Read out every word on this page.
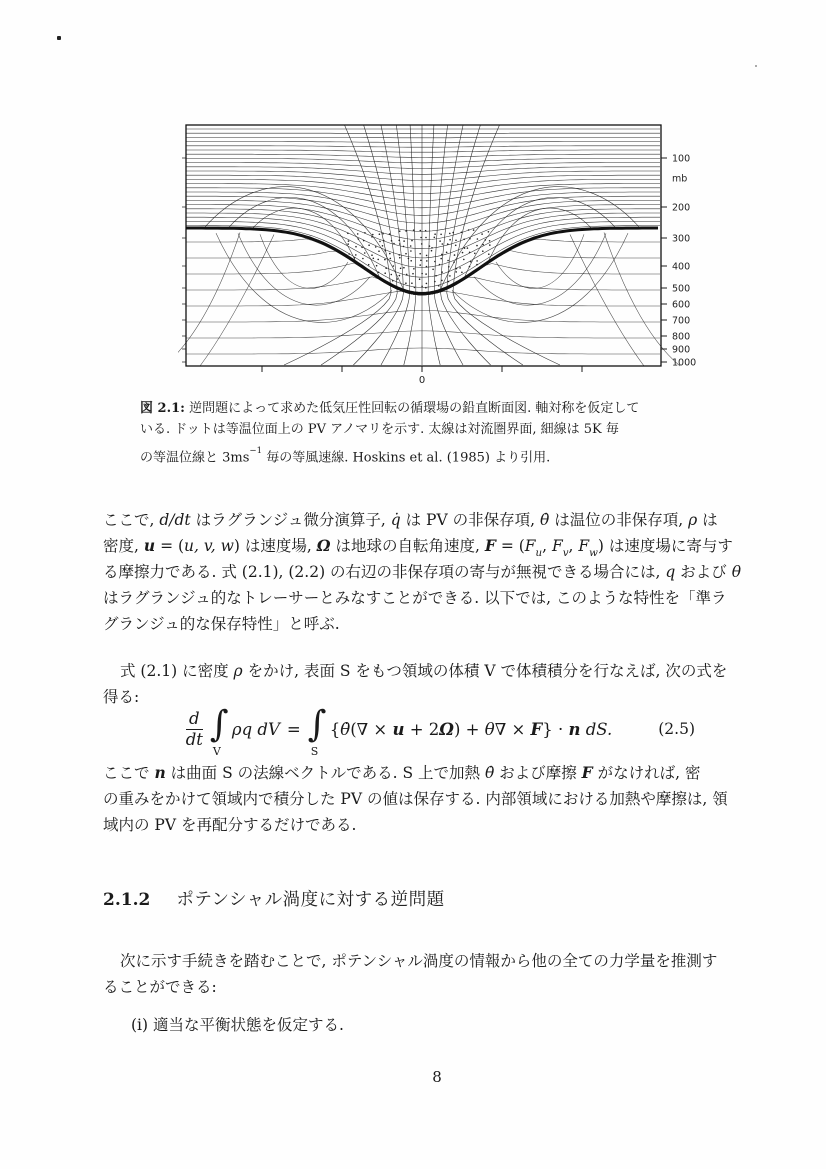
100
mb
200
300
400
500
600
700
800
900
1000
0
図 2.1: 逆問題によって求めた低気圧性回転の循環場の鉛直断面図. 軸対称を仮定して
いる. ドットは等温位面上の PV アノマリを示す. 太線は対流圏界面, 細線は 5K 毎
の等温位線と $3ms^{-1}$ 毎の等風速線. Hoskins et al. (1985) より引用.
ここで, d/dt はラグランジュ微分演算子, q̇ は PV の非保存項, θ̇ は温位の非保存項, ρ は
密度, u = (u, v, w) は速度場, Ω は地球の自転角速度, $F = (F_u$, $F_v$, $F_w$) は速度場に寄与す
る摩擦力である. 式 (2.1), (2.2) の右辺の非保存項の寄与が無視できる場合には, q および θ
はラグランジュ的なトレーサーとみなすことができる. 以下では, このような特性を「準ラ
グランジュ的な保存特性」と呼ぶ.
式 (2.1) に密度 ρ をかけ, 表面 S をもつ領域の体積 V で体積積分を行なえば, 次の式を
得る:
$\frac{d}{dt}$ ∫
V
ρq dV = ∫
S
{θ̇(∇ × u + 2Ω) + θ∇ × F} · n dS.	(2.5)
ここで n は曲面 S の法線ベクトルである. S 上で加熱 θ̇ および摩擦 F がなければ, 密
の重みをかけて領域内で積分した PV の値は保存する. 内部領域における加熱や摩擦は, 領
域内の PV を再配分するだけである.
2.1.2 ポテンシャル渦度に対する逆問題
次に示す手続きを踏むことで, ポテンシャル渦度の情報から他の全ての力学量を推測す
ることができる:
(i) 適当な平衡状態を仮定する.
8
